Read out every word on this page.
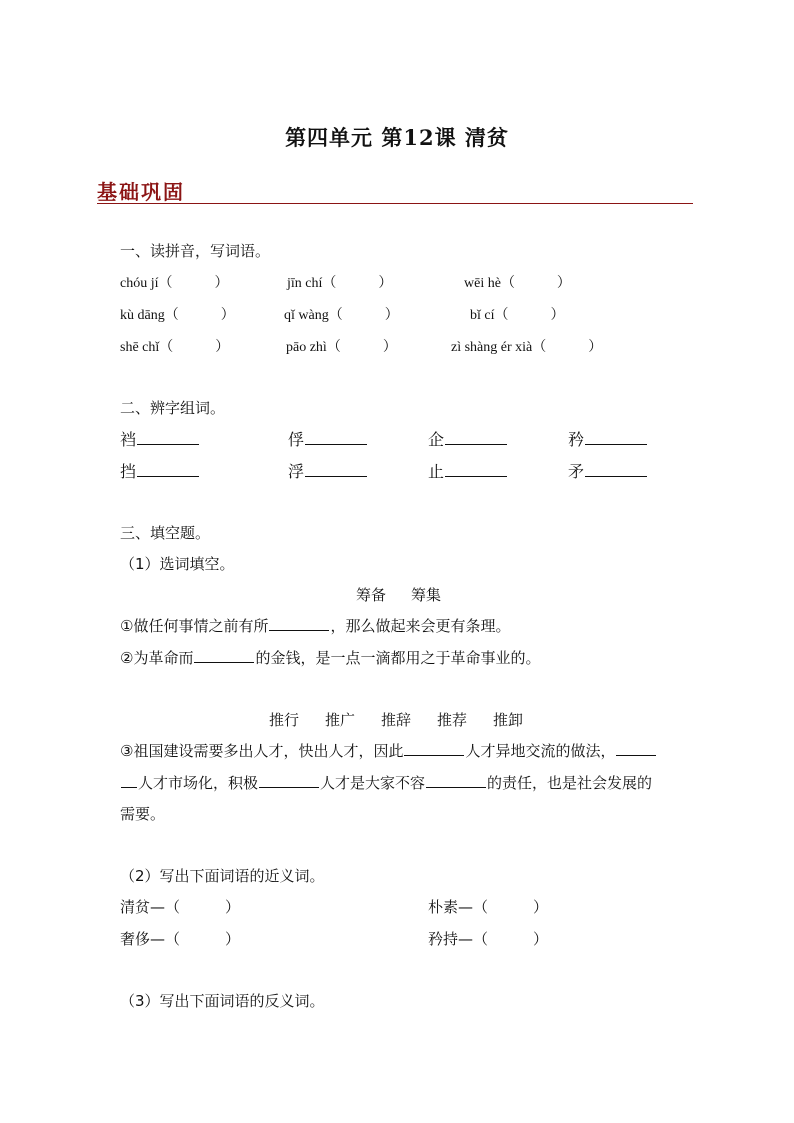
第四单元 第12课 清贫
基础巩固
一、读拼音，写词语。
chóu jí（　　　）	jīn chí（　　　）	wēi hè（　　　）
kù dāng（　　　）	qǐ wàng（　　　）	bǐ cí（　　　）
shē chǐ（　　　）	pāo zhì（　　　）	zì shàng ér xià（　　　）
二、辨字组词。
裆	俘	企	矜
挡	浮	止	矛
三、填空题。
（1）选词填空。
筹备 筹集
①做任何事情之前有所	，那么做起来会更有条理。
②为革命而	的金钱，是一点一滴都用之于革命事业的。
推行 推广 推辞 推荐 推卸
③祖国建设需要多出人才，快出人才，因此	人才异地交流的做法，
人才市场化，积极	人才是大家不容	的责任，也是社会发展的
需要。
（2）写出下面词语的近义词。
清贫—（　　　）	朴素—（　　　）
奢侈—（　　　）	矜持—（　　　）
（3）写出下面词语的反义词。
